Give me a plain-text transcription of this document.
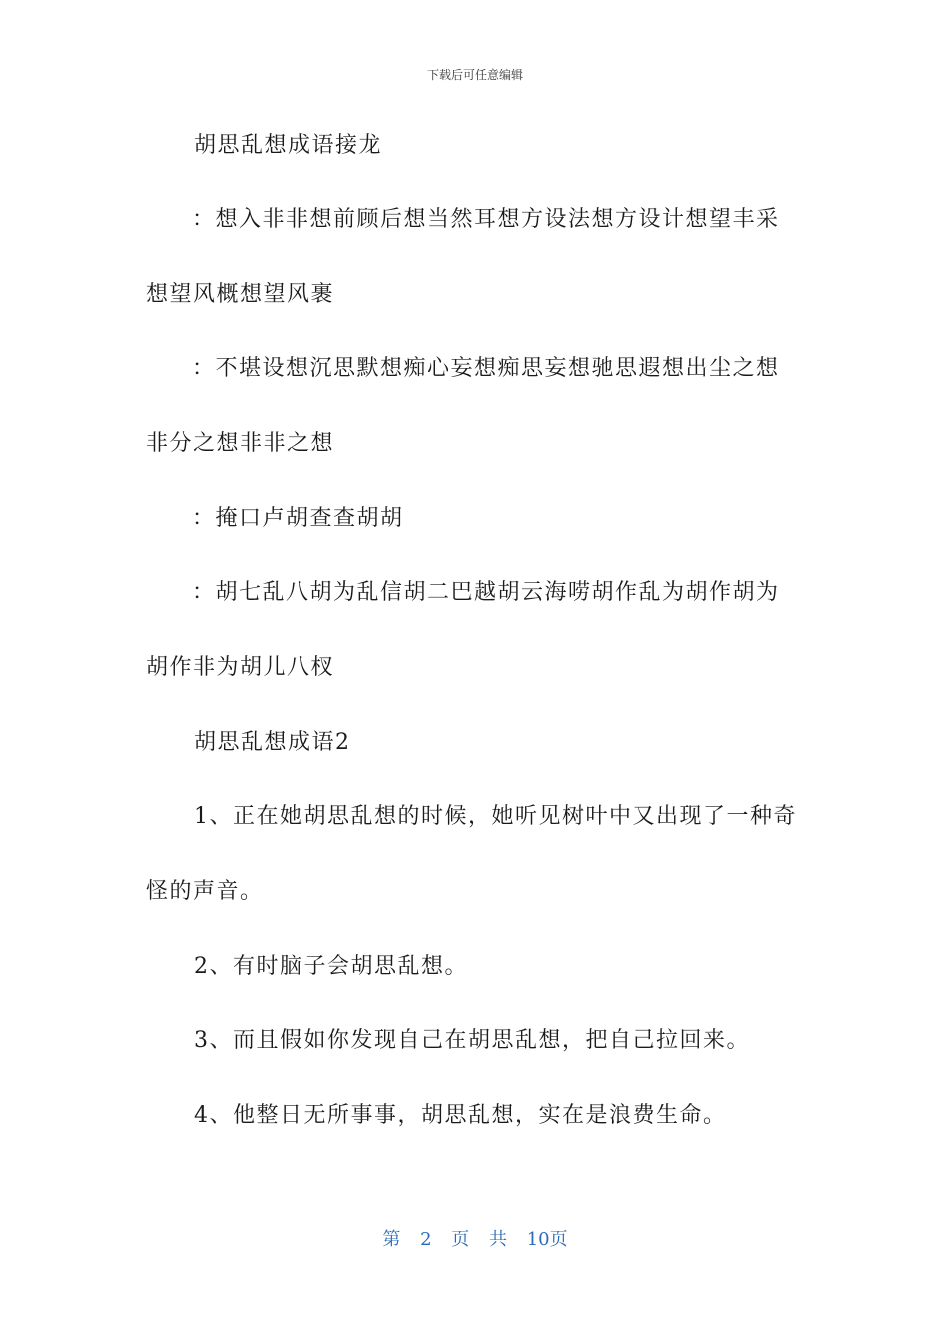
下载后可任意编辑
胡思乱想成语接龙
：想入非非想前顾后想当然耳想方设法想方设计想望丰采
想望风概想望风裹
：不堪设想沉思默想痴心妄想痴思妄想驰思遐想出尘之想
非分之想非非之想
：掩口卢胡查查胡胡
：胡七乱八胡为乱信胡二巴越胡云海唠胡作乱为胡作胡为
胡作非为胡儿八杈
胡思乱想成语2
1、正在她胡思乱想的时候，她听见树叶中又出现了一种奇
怪的声音。
2、有时脑子会胡思乱想。
3、而且假如你发现自己在胡思乱想，把自己拉回来。
4、他整日无所事事，胡思乱想，实在是浪费生命。
第 2 页 共 10页
